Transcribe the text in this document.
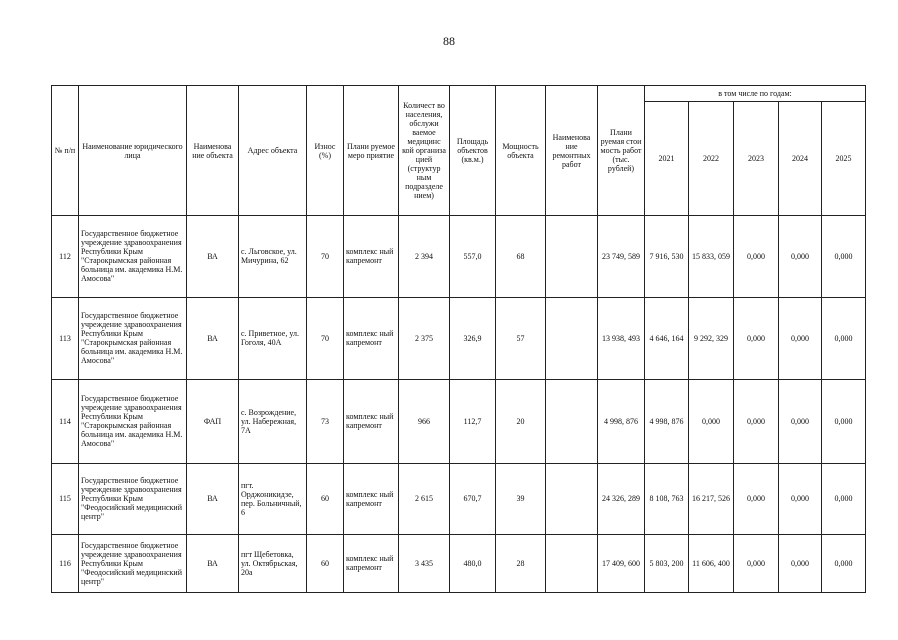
88
№ п/п	Наименование юридического лица	Наименова ние объекта	Адрес объекта	Износ (%)	Плани руемое меро приятие	Количест во населения, обслужи ваемое медицинс кой организа цией (структур ным подразделе нием)	Площадь объектов (кв.м.)	Мощность объекта	Наименова ние ремонтных работ	Плани руемая стои мость работ (тыс. рублей)	в том числе по годам:				
											2021	2022	2023	2024	2025
112	Государственное бюджетное учреждение здравоохранения Республики Крым "Старокрымская районная больница им. академика Н.М. Амосова"	ВА	с. Льговское, ул. Мичурина, 62	70	комплекс ный капремонт	2 394	557,0	68		23 749, 589	7 916, 530	15 833, 059	0,000	0,000	0,000
113	Государственное бюджетное учреждение здравоохранения Республики Крым "Старокрымская районная больница им. академика Н.М. Амосова"	ВА	с. Приветное, ул. Гоголя, 40А	70	комплекс ный капремонт	2 375	326,9	57		13 938, 493	4 646, 164	9 292, 329	0,000	0,000	0,000
114	Государственное бюджетное учреждение здравоохранения Республики Крым "Старокрымская районная больница им. академика Н.М. Амосова"	ФАП	с. Возрождение, ул. Набережная, 7А	73	комплекс ный капремонт	966	112,7	20		4 998, 876	4 998, 876	0,000	0,000	0,000	0,000
115	Государственное бюджетное учреждение здравоохранения Республики Крым "Феодосийский медицинский центр"	ВА	пгт. Орджоникидзе, пер. Больничный, 6	60	комплекс ный капремонт	2 615	670,7	39		24 326, 289	8 108, 763	16 217, 526	0,000	0,000	0,000
116	Государственное бюджетное учреждение здравоохранения Республики Крым "Феодосийский медицинский центр"	ВА	пгт Щебетовка, ул. Октябрьская, 20а	60	комплекс ный капремонт	3 435	480,0	28		17 409, 600	5 803, 200	11 606, 400	0,000	0,000	0,000
